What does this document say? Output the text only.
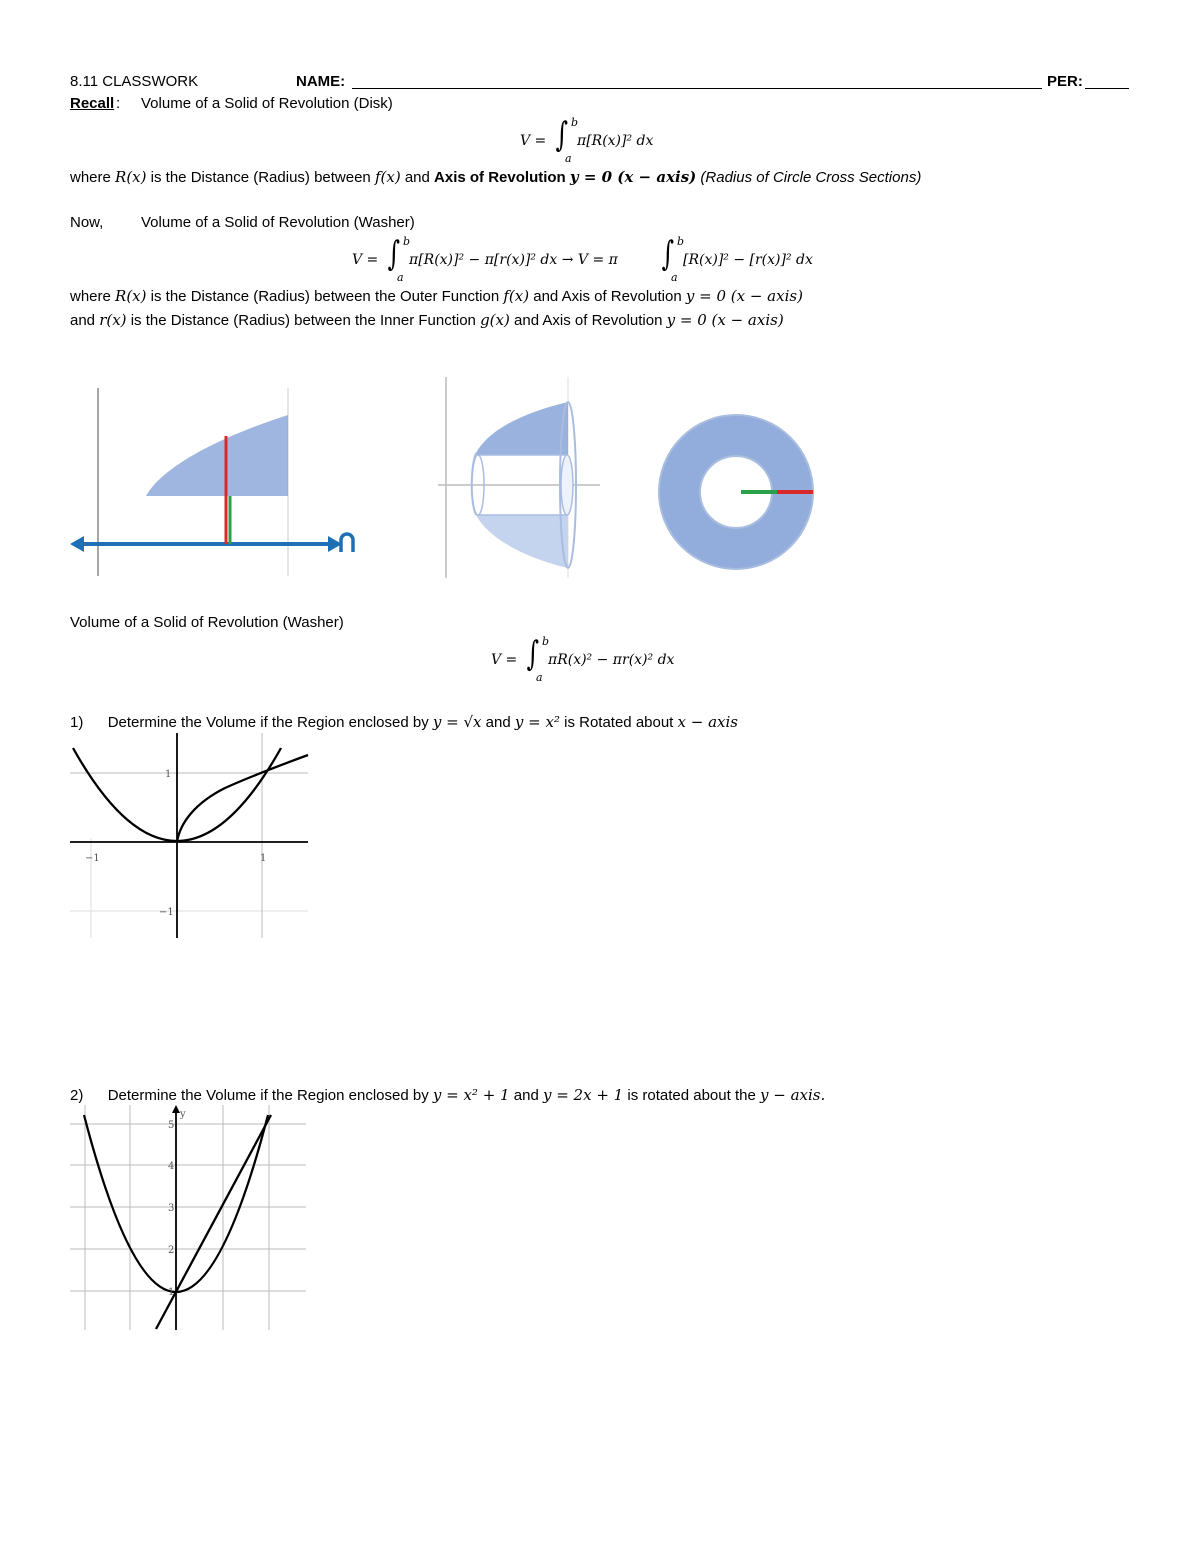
8.11 CLASSWORK	NAME:	PER:
Recall : Volume of a Solid of Revolution (Disk)
V = ∫ b
a
π[R(x)]² dx
where R(x) is the Distance (Radius) between f(x) and Axis of Revolution y = 0 (x − axis) (Radius of Circle Cross Sections)
Now,	Volume of a Solid of Revolution (Washer)
V = ∫ b
a
π[R(x)]² − π[r(x)]² dx → V = π ∫ b
a
[R(x)]² − [r(x)]² dx
where R(x) is the Distance (Radius) between the Outer Function f(x) and Axis of Revolution y = 0 (x − axis)
and r(x) is the Distance (Radius) between the Inner Function g(x) and Axis of Revolution y = 0 (x − axis)
Volume of a Solid of Revolution (Washer)
V = ∫ b
a
πR(x)² − πr(x)² dx
1) Determine the Volume if the Region enclosed by y = √x and y = x² is Rotated about x − axis
1
−1
−1	1
2) Determine the Volume if the Region enclosed by y = x² + 1 and y = 2x + 1 is rotated about the y − axis.
y
5
4
3
2
1
